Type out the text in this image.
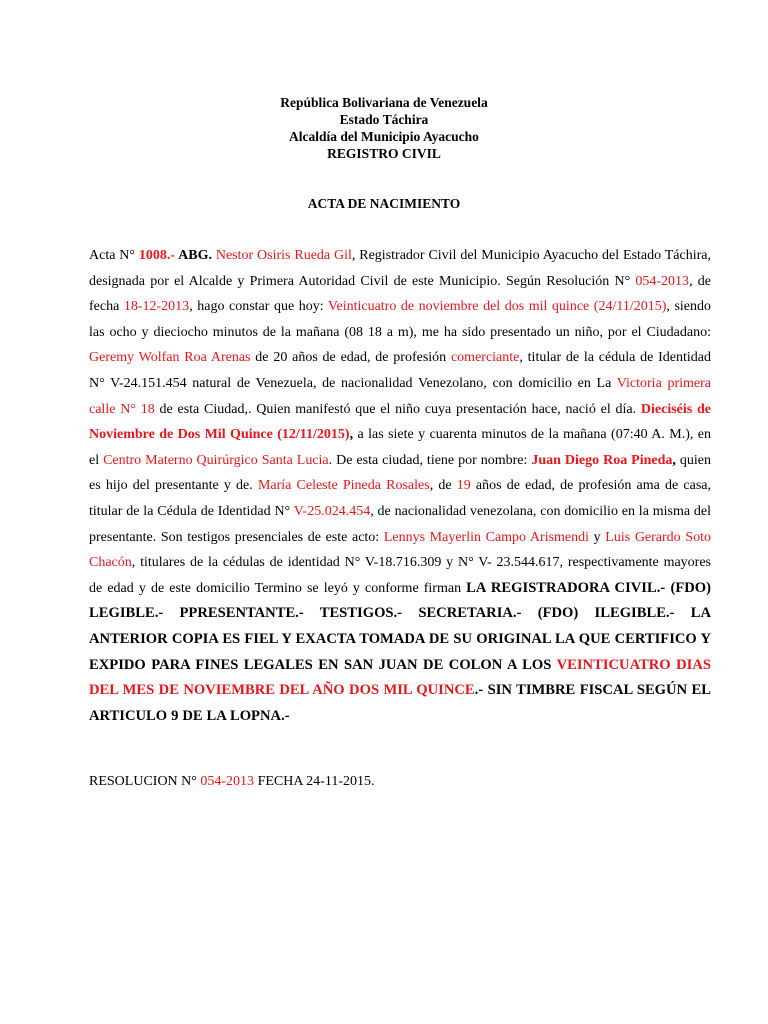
República Bolivariana de Venezuela
Estado Táchira
Alcaldía del Municipio Ayacucho
REGISTRO CIVIL
ACTA DE NACIMIENTO
Acta N° 1008.- ABG. Nestor Osiris Rueda Gil, Registrador Civil del Municipio Ayacucho del Estado Táchira, designada por el Alcalde y Primera Autoridad Civil de este Municipio. Según Resolución N° 054-2013, de fecha 18-12-2013, hago constar que hoy: Veinticuatro de noviembre del dos mil quince (24/11/2015), siendo las ocho y dieciocho minutos de la mañana (08 18 a m), me ha sido presentado un niño, por el Ciudadano: Geremy Wolfan Roa Arenas de 20 años de edad, de profesión comerciante, titular de la cédula de Identidad N° V-24.151.454 natural de Venezuela, de nacionalidad Venezolano, con domicilio en La Victoria primera calle N° 18 de esta Ciudad,. Quien manifestó que el niño cuya presentación hace, nació el día. Dieciséis de Noviembre de Dos Mil Quince (12/11/2015), a las siete y cuarenta minutos de la mañana (07:40 A. M.), en el Centro Materno Quirúrgico Santa Lucia. De esta ciudad, tiene por nombre: Juan Diego Roa Pineda, quien es hijo del presentante y de. María Celeste Pineda Rosales, de 19 años de edad, de profesión ama de casa, titular de la Cédula de Identidad N° V-25.024.454, de nacionalidad venezolana, con domicilio en la misma del presentante. Son testigos presenciales de este acto: Lennys Mayerlin Campo Arismendi y Luis Gerardo Soto Chacón, titulares de la cédulas de identidad N° V-18.716.309 y N° V- 23.544.617, respectivamente mayores de edad y de este domicilio Termino se leyó y conforme firman LA REGISTRADORA CIVIL.- (FDO) LEGIBLE.- PPRESENTANTE.- TESTIGOS.- SECRETARIA.- (FDO) ILEGIBLE.- LA ANTERIOR COPIA ES FIEL Y EXACTA TOMADA DE SU ORIGINAL LA QUE CERTIFICO Y EXPIDO PARA FINES LEGALES EN SAN JUAN DE COLON A LOS VEINTICUATRO DIAS DEL MES DE NOVIEMBRE DEL AÑO DOS MIL QUINCE.- SIN TIMBRE FISCAL SEGÚN EL ARTICULO 9 DE LA LOPNA.-
RESOLUCION N° 054-2013 FECHA 24-11-2015.
